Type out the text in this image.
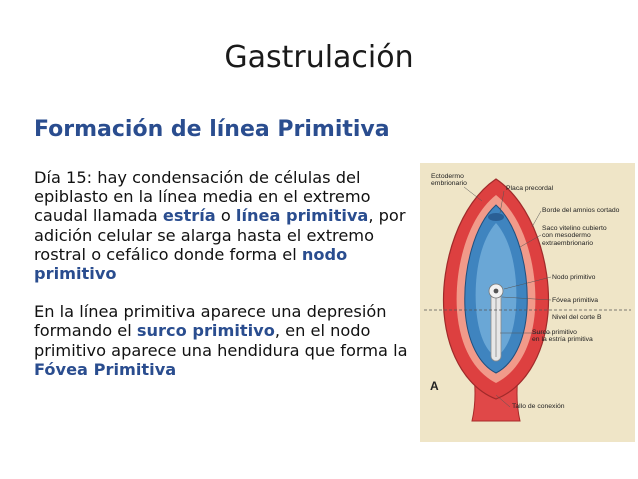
Gastrulación
Formación de línea Primitiva

Día 15: hay condensación de células del epiblasto en la línea media en el extremo caudal llamada estría o línea primitiva, por adición celular se alarga hasta el extremo rostral o cefálico donde forma el nodo primitivo

En la línea primitiva aparece una depresión formando el surco primitivo, en el nodo primitivo aparece una hendidura que forma la Fóvea Primitiva

Ectodermo
embrionario
Placa precordal
Borde del amnios cortado
Saco vitelino cubierto
con mesodermo
extraembrionario
Nodo primitivo
Fóvea primitiva
Nivel del corte B
Surco primitivo
en la estría primitiva
A
Tallo de conexión
